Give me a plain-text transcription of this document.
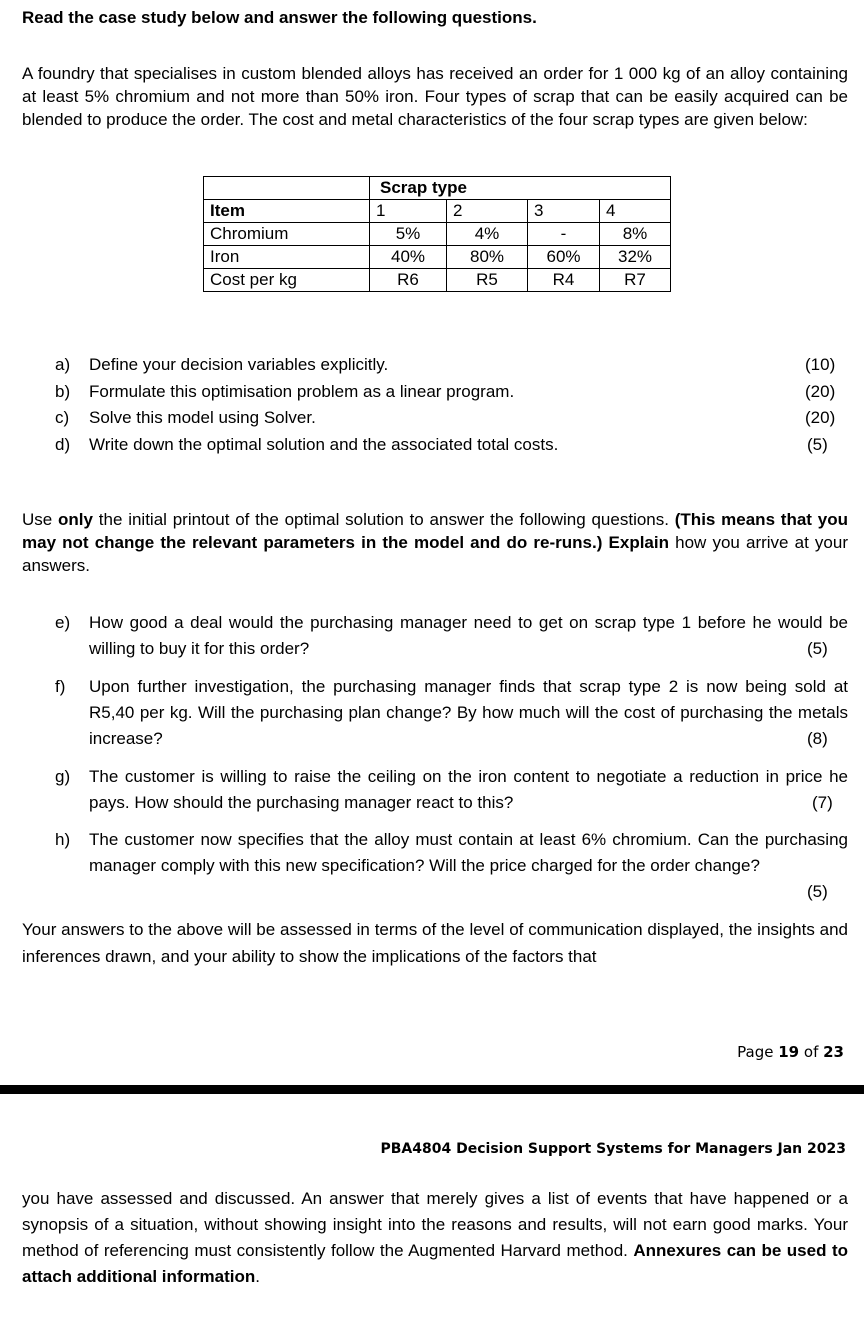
Read the case study below and answer the following questions.
A foundry that specialises in custom blended alloys has received an order for 1 000 kg of an alloy containing at least 5% chromium and not more than 50% iron. Four types of scrap that can be easily acquired can be blended to produce the order. The cost and metal characteristics of the four scrap types are given below:
	Scrap type			
Item	1	2	3	4
Chromium	5%	4%	-	8%
Iron	40%	80%	60%	32%
Cost per kg	R6	R5	R4	R7
a) Define your decision variables explicitly.	(10)
b) Formulate this optimisation problem as a linear program.	(20)
c) Solve this model using Solver.	(20)
d) Write down the optimal solution and the associated total costs.	(5)
Use only the initial printout of the optimal solution to answer the following questions. (This means that you may not change the relevant parameters in the model and do re-runs.) Explain how you arrive at your answers.
e) How good a deal would the purchasing manager need to get on scrap type 1 before he would be willing to buy it for this order?	(5)
f) Upon further investigation, the purchasing manager finds that scrap type 2 is now being sold at R5,40 per kg. Will the purchasing plan change? By how much will the cost of purchasing the metals increase?	(8)
g) The customer is willing to raise the ceiling on the iron content to negotiate a reduction in price he pays. How should the purchasing manager react to this?	(7)
h) The customer now specifies that the alloy must contain at least 6% chromium. Can the purchasing manager comply with this new specification? Will the price charged for the order change?
(5)
Your answers to the above will be assessed in terms of the level of communication displayed, the insights and inferences drawn, and your ability to show the implications of the factors that
Page 19 of 23
PBA4804 Decision Support Systems for Managers Jan 2023
you have assessed and discussed. An answer that merely gives a list of events that have happened or a synopsis of a situation, without showing insight into the reasons and results, will not earn good marks. Your method of referencing must consistently follow the Augmented Harvard method. Annexures can be used to attach additional information.
